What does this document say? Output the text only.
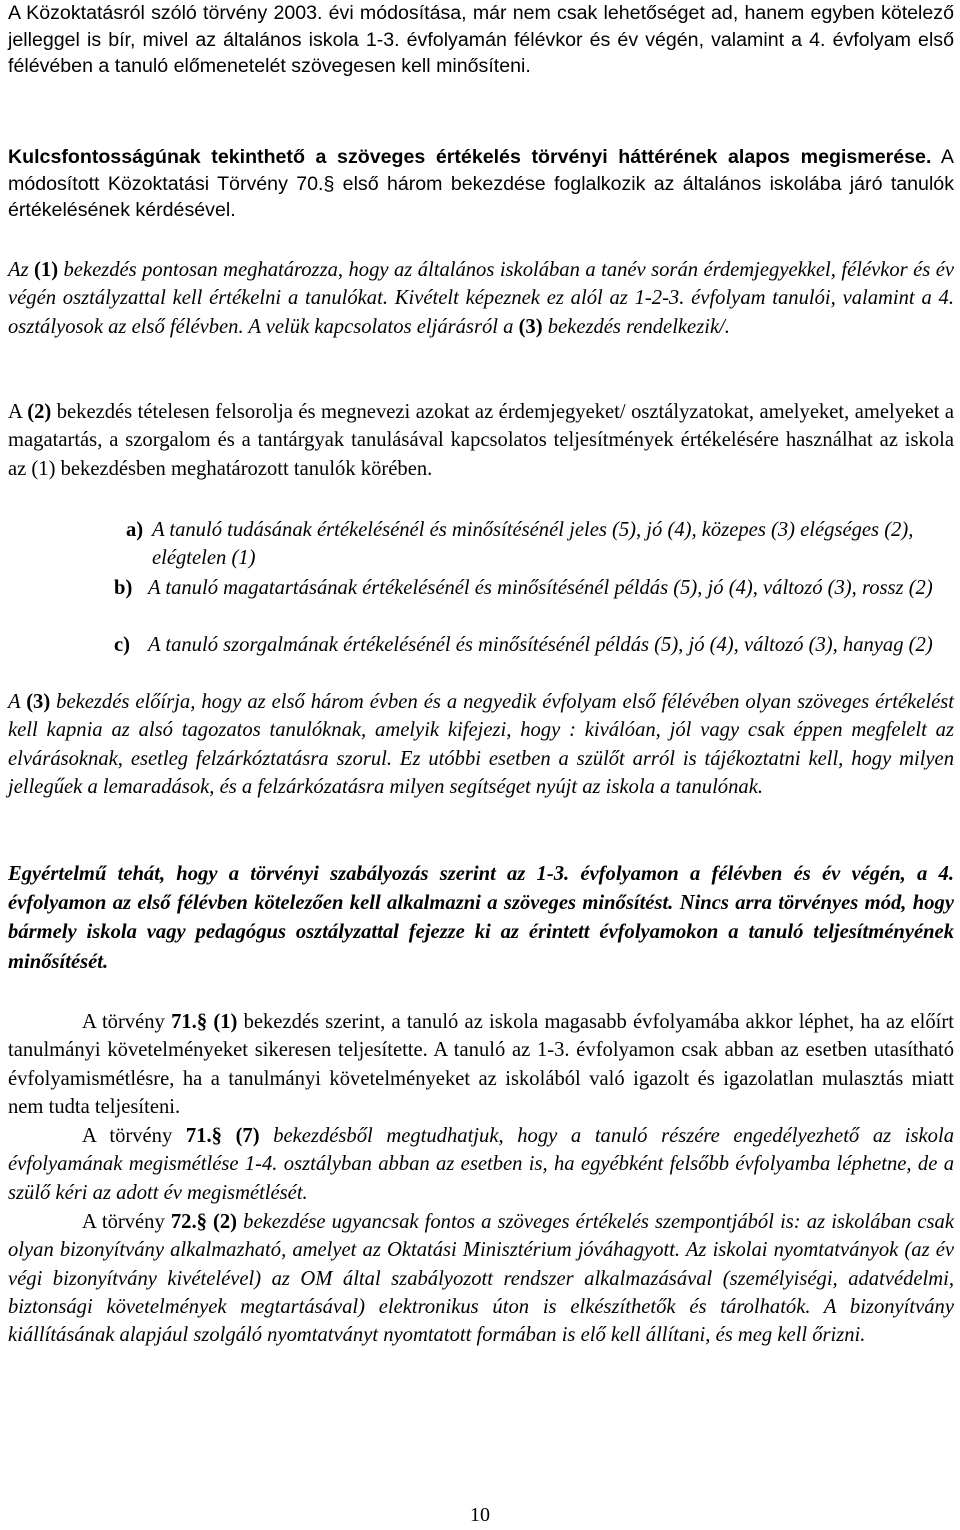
A Közoktatásról szóló törvény 2003. évi módosítása, már nem csak lehetőséget ad, hanem egyben kötelező jelleggel is bír, mivel az általános iskola 1-3. évfolyamán félévkor és év végén, valamint a 4. évfolyam első félévében a tanuló előmenetelét szövegesen kell minősíteni.

Kulcsfontosságúnak tekinthető a szöveges értékelés törvényi háttérének alapos megismerése. A módosított Közoktatási Törvény 70.§ első három bekezdése foglalkozik az általános iskolába járó tanulók értékelésének kérdésével.

Az (1) bekezdés pontosan meghatározza, hogy az általános iskolában a tanév során érdemjegyekkel, félévkor és év végén osztályzattal kell értékelni a tanulókat. Kivételt képeznek ez alól az 1-2-3. évfolyam tanulói, valamint a 4. osztályosok az első félévben. A velük kapcsolatos eljárásról a (3) bekezdés rendelkezik/.

A (2) bekezdés tételesen felsorolja és megnevezi azokat az érdemjegyeket/ osztályzatokat, amelyeket, amelyeket a magatartás, a szorgalom és a tantárgyak tanulásával kapcsolatos teljesítmények értékelésére használhat az iskola az (1) bekezdésben meghatározott tanulók körében.

a) A tanuló tudásának értékelésénél és minősítésénél jeles (5), jó (4), közepes (3) elégséges (2), elégtelen (1)
b) A tanuló magatartásának értékelésénél és minősítésénél példás (5), jó (4), változó (3), rossz (2)
c) A tanuló szorgalmának értékelésénél és minősítésénél példás (5), jó (4), változó (3), hanyag (2)

A (3) bekezdés előírja, hogy az első három évben és a negyedik évfolyam első félévében olyan szöveges értékelést kell kapnia az alsó tagozatos tanulóknak, amelyik kifejezi, hogy : kiválóan, jól vagy csak éppen megfelelt az elvárásoknak, esetleg felzárkóztatásra szorul. Ez utóbbi esetben a szülőt arról is tájékoztatni kell, hogy milyen jellegűek a lemaradások, és a felzárkózatásra milyen segítséget nyújt az iskola a tanulónak.

Egyértelmű tehát, hogy a törvényi szabályozás szerint az 1-3. évfolyamon a félévben és év végén, a 4. évfolyamon az első félévben kötelezően kell alkalmazni a szöveges minősítést. Nincs arra törvényes mód, hogy bármely iskola vagy pedagógus osztályzattal fejezze ki az érintett évfolyamokon a tanuló teljesítményének minősítését.

A törvény 71.§ (1) bekezdés szerint, a tanuló az iskola magasabb évfolyamába akkor léphet, ha az előírt tanulmányi követelményeket sikeresen teljesítette. A tanuló az 1-3. évfolyamon csak abban az esetben utasítható évfolyamismétlésre, ha a tanulmányi követelményeket az iskolából való igazolt és igazolatlan mulasztás miatt nem tudta teljesíteni.

A törvény 71.§ (7) bekezdésből megtudhatjuk, hogy a tanuló részére engedélyezhető az iskola évfolyamának megismétlése 1-4. osztályban abban az esetben is, ha egyébként felsőbb évfolyamba léphetne, de a szülő kéri az adott év megismétlését.

A törvény 72.§ (2) bekezdése ugyancsak fontos a szöveges értékelés szempontjából is: az iskolában csak olyan bizonyítvány alkalmazható, amelyet az Oktatási Minisztérium jóváhagyott. Az iskolai nyomtatványok (az év végi bizonyítvány kivételével) az OM által szabályozott rendszer alkalmazásával (személyiségi, adatvédelmi, biztonsági követelmények megtartásával) elektronikus úton is elkészíthetők és tárolhatók. A bizonyítvány kiállításának alapjául szolgáló nyomtatványt nyomtatott formában is elő kell állítani, és meg kell őrizni.

10
